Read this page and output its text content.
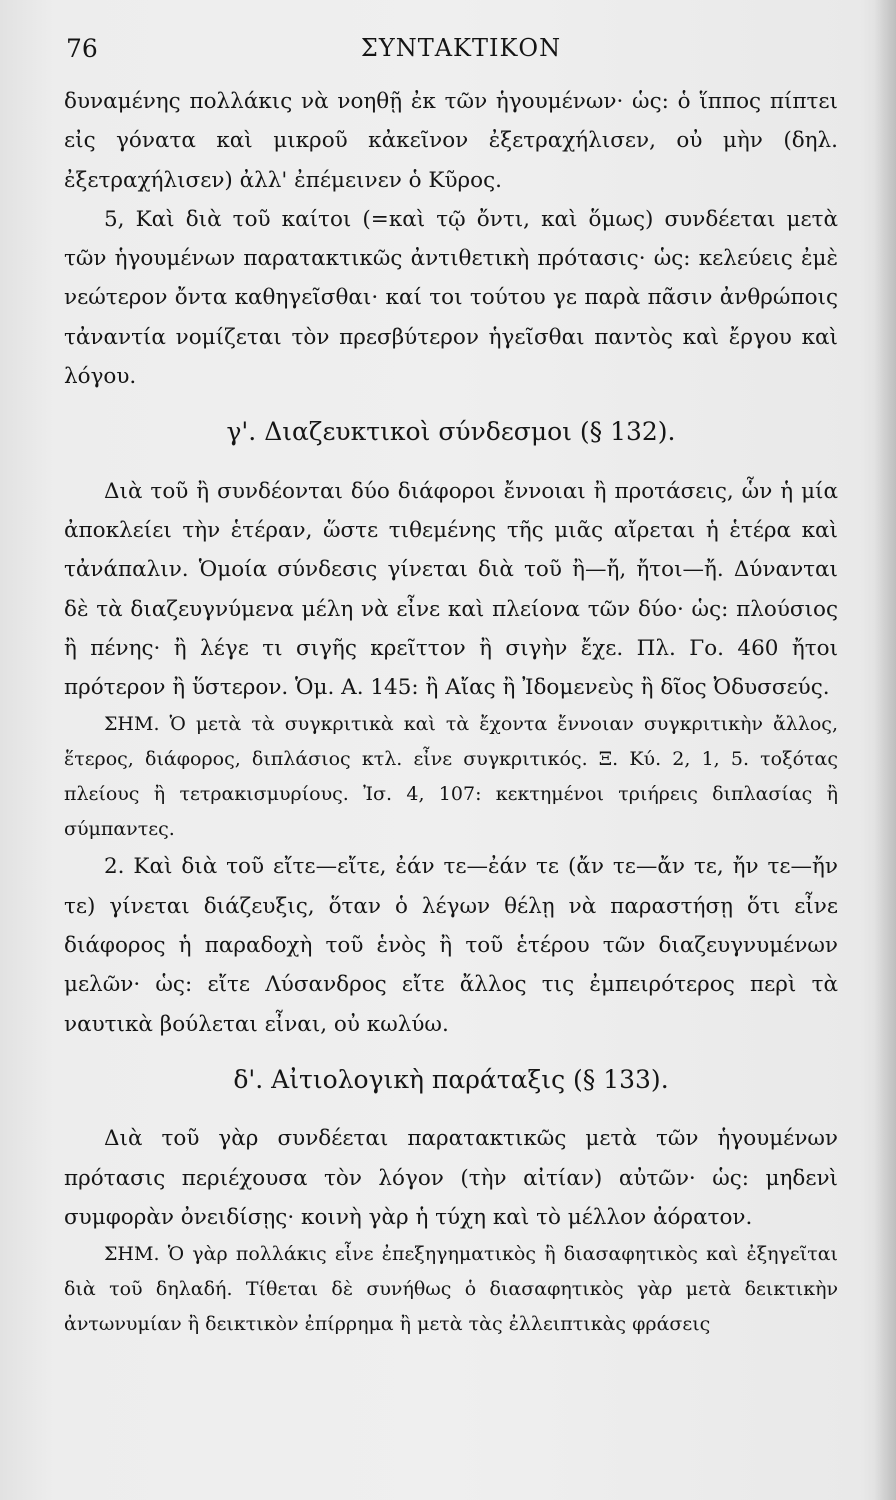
ΣΥΝΤΑΚΤΙΚΟΝ
76

δυναμένης πολλάκις νὰ νοηθῇ ἐκ τῶν ἡγουμένων· ὡς: ὁ ἵππος πίπτει εἰς γόνατα καὶ μικροῦ κἀκεῖνον ἐξετραχήλισεν, οὐ μὴν (δηλ. ἐξετραχήλισεν) ἀλλ' ἐπέμεινεν ὁ Κῦρος.

5, Καὶ διὰ τοῦ καίτοι (=καὶ τῷ ὄντι, καὶ ὅμως) συνδέεται μετὰ τῶν ἡγουμένων παρατακτικῶς ἀντιθετικὴ πρότασις· ὡς: κελεύεις ἐμὲ νεώτερον ὄντα καθηγεῖσθαι· καί τοι τούτου γε παρὰ πᾶσιν ἀνθρώποις τἀναντία νομίζεται τὸν πρεσβύτερον ἡγεῖσθαι παντὸς καὶ ἔργου καὶ λόγου.

γ'. Διαζευκτικοὶ σύνδεσμοι (§ 132).

Διὰ τοῦ ἢ συνδέονται δύο διάφοροι ἔννοιαι ἢ προτάσεις, ὧν ἡ μία ἀποκλείει τὴν ἑτέραν, ὥστε τιθεμένης τῆς μιᾶς αἴρεται ἡ ἑτέρα καὶ τἀνάπαλιν. Ὁμοία σύνδεσις γίνεται διὰ τοῦ ἢ—ἤ, ἤτοι—ἤ. Δύνανται δὲ τὰ διαζευγνύμενα μέλη νὰ εἶνε καὶ πλείονα τῶν δύο· ὡς: πλούσιος ἢ πένης· ἢ λέγε τι σιγῆς κρεῖττον ἢ σιγὴν ἔχε. Πλ. Γο. 460 ἤτοι πρότερον ἢ ὕστερον. Ὁμ. Α. 145: ἢ Αἴας ἢ Ἰδομενεὺς ἢ δῖος Ὀδυσσεύς.

ΣΗΜ. Ὁ μετὰ τὰ συγκριτικὰ καὶ τὰ ἔχοντα ἔννοιαν συγκριτικὴν ἄλλος, ἕτερος, διάφορος, διπλάσιος κτλ. εἶνε συγκριτικός. Ξ. Κύ. 2, 1, 5. τοξότας πλείους ἢ τετρακισμυρίους. Ἰσ. 4, 107: κεκτημένοι τριήρεις διπλασίας ἢ σύμπαντες.

2. Καὶ διὰ τοῦ εἴτε—εἴτε, ἐάν τε—ἐάν τε (ἄν τε—ἄν τε, ἤν τε—ἤν τε) γίνεται διάζευξις, ὅταν ὁ λέγων θέλῃ νὰ παραστήσῃ ὅτι εἶνε διάφορος ἡ παραδοχὴ τοῦ ἑνὸς ἢ τοῦ ἑτέρου τῶν διαζευγνυμένων μελῶν· ὡς: εἴτε Λύσανδρος εἴτε ἄλλος τις ἐμπειρότερος περὶ τὰ ναυτικὰ βούλεται εἶναι, οὐ κωλύω.

δ'. Αἰτιολογικὴ παράταξις (§ 133).

Διὰ τοῦ γὰρ συνδέεται παρατακτικῶς μετὰ τῶν ἡγουμένων πρότασις περιέχουσα τὸν λόγον (τὴν αἰτίαν) αὐτῶν· ὡς: μηδενὶ συμφορὰν ὀνειδίσῃς· κοινὴ γὰρ ἡ τύχη καὶ τὸ μέλλον ἀόρατον.

ΣΗΜ. Ὁ γὰρ πολλάκις εἶνε ἐπεξηγηματικὸς ἢ διασαφητικὸς καὶ ἐξηγεῖται διὰ τοῦ δηλαδή. Τίθεται δὲ συνήθως ὁ διασαφητικὸς γὰρ μετὰ δεικτικὴν ἀντωνυμίαν ἢ δεικτικὸν ἐπίρρημα ἢ μετὰ τὰς ἐλλειπτικὰς φράσεις
